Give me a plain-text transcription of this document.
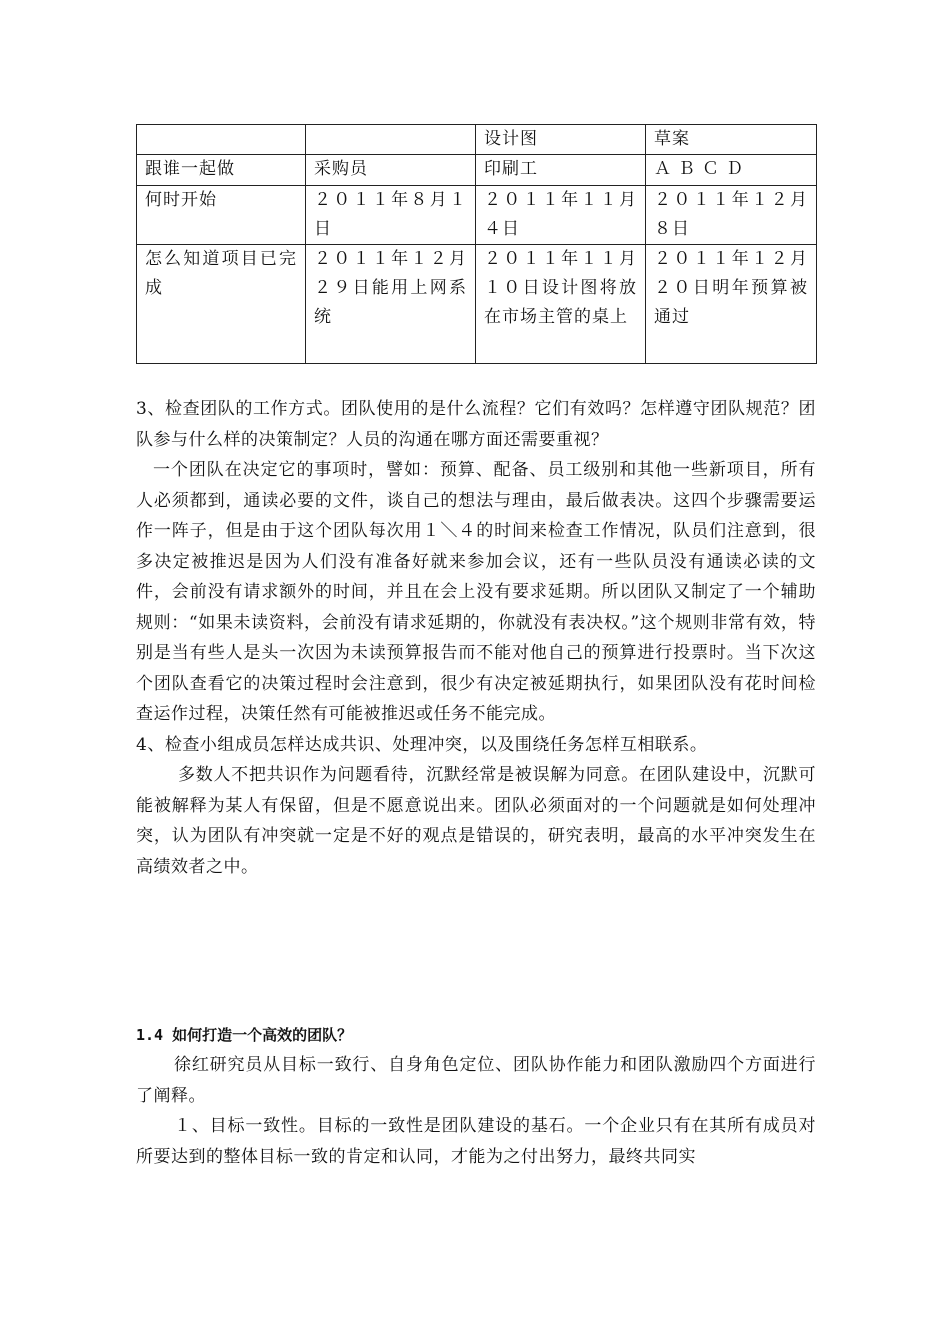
		设计图	草案
跟谁一起做	采购员	印刷工	ＡＢＣＤ
何时开始	２０１１年８月１日	２０１１年１１月４日	２０１１年１２月８日
怎么知道项目已完成	２０１１年１２月２９日能用上网系统	２０１１年１１月１０日设计图将放在市场主管的桌上	２０１１年１２月２０日明年预算被通过

3、检查团队的工作方式。团队使用的是什么流程？它们有效吗？怎样遵守团队规范？团队参与什么样的决策制定？人员的沟通在哪方面还需要重视？

一个团队在决定它的事项时，譬如：预算、配备、员工级别和其他一些新项目，所有人必须都到，通读必要的文件，谈自己的想法与理由，最后做表决。这四个步骤需要运作一阵子，但是由于这个团队每次用１＼４的时间来检查工作情况，队员们注意到，很多决定被推迟是因为人们没有准备好就来参加会议，还有一些队员没有通读必读的文件，会前没有请求额外的时间，并且在会上没有要求延期。所以团队又制定了一个辅助规则：“如果未读资料，会前没有请求延期的，你就没有表决权。”这个规则非常有效，特别是当有些人是头一次因为未读预算报告而不能对他自己的预算进行投票时。当下次这个团队查看它的决策过程时会注意到，很少有决定被延期执行，如果团队没有花时间检查运作过程，决策任然有可能被推迟或任务不能完成。

4、检查小组成员怎样达成共识、处理冲突，以及围绕任务怎样互相联系。

多数人不把共识作为问题看待，沉默经常是被误解为同意。在团队建设中，沉默可能被解释为某人有保留，但是不愿意说出来。团队必须面对的一个问题就是如何处理冲突，认为团队有冲突就一定是不好的观点是错误的，研究表明，最高的水平冲突发生在高绩效者之中。

1.4 如何打造一个高效的团队？

徐红研究员从目标一致行、自身角色定位、团队协作能力和团队激励四个方面进行了阐释。

１、目标一致性。目标的一致性是团队建设的基石。一个企业只有在其所有成员对所要达到的整体目标一致的肯定和认同，才能为之付出努力，最终共同实
